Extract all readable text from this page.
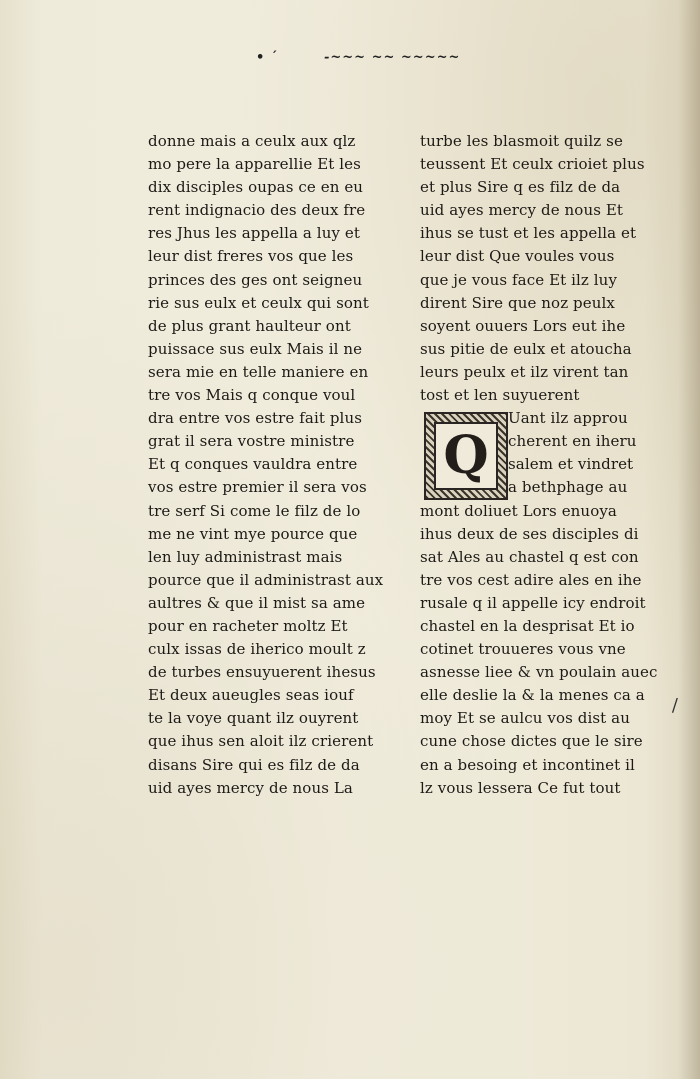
• ´	-~~~ ~~ ~~~~~
donne mais a ceulx aux qlz
mo pere la apparellie Et les
dix disciples oupas ce en eu
rent indignacio des deux fre
res Jhus les appella a luy et
leur dist freres vos que les
princes des ges ont seigneu
rie sus eulx et ceulx qui sont
de plus grant haulteur ont
puissace sus eulx Mais il ne
sera mie en telle maniere en
tre vos Mais q conque voul
dra entre vos estre fait plus
grat il sera vostre ministre
Et q conques vauldra entre
vos estre premier il sera vos
tre serf Si come le filz de lo
me ne vint mye pource que
len luy administrast mais
pource que il administrast aux
aultres & que il mist sa ame
pour en racheter moltz Et
culx issas de iherico moult z
de turbes ensuyuerent ihesus
Et deux aueugles seas iouf
te la voye quant ilz ouyrent
que ihus sen aloit ilz crierent
disans Sire qui es filz de da
uid ayes mercy de nous La
turbe les blasmoit quilz se
teussent Et ceulx crioiet plus
et plus Sire q es filz de da
uid ayes mercy de nous Et
ihus se tust et les appella et
leur dist Que voules vous
que je vous face Et ilz luy
dirent Sire que noz peulx
soyent ouuers Lors eut ihe
sus pitie de eulx et atoucha
leurs peulx et ilz virent tan
tost et len suyuerent
Uant ilz approu
cherent en iheru
salem et vindret
a bethphage au
mont doliuet Lors enuoya
ihus deux de ses disciples di
sat Ales au chastel q est con
tre vos cest adire ales en ihe
rusale q il appelle icy endroit
chastel en la desprisat Et io
cotinet trouueres vous vne
asnesse liee & vn poulain auec
elle deslie la & la menes ca a
moy Et se aulcu vos dist au
cune chose dictes que le sire
en a besoing et incontinet il
lz vous lessera Ce fut tout
Q
/
